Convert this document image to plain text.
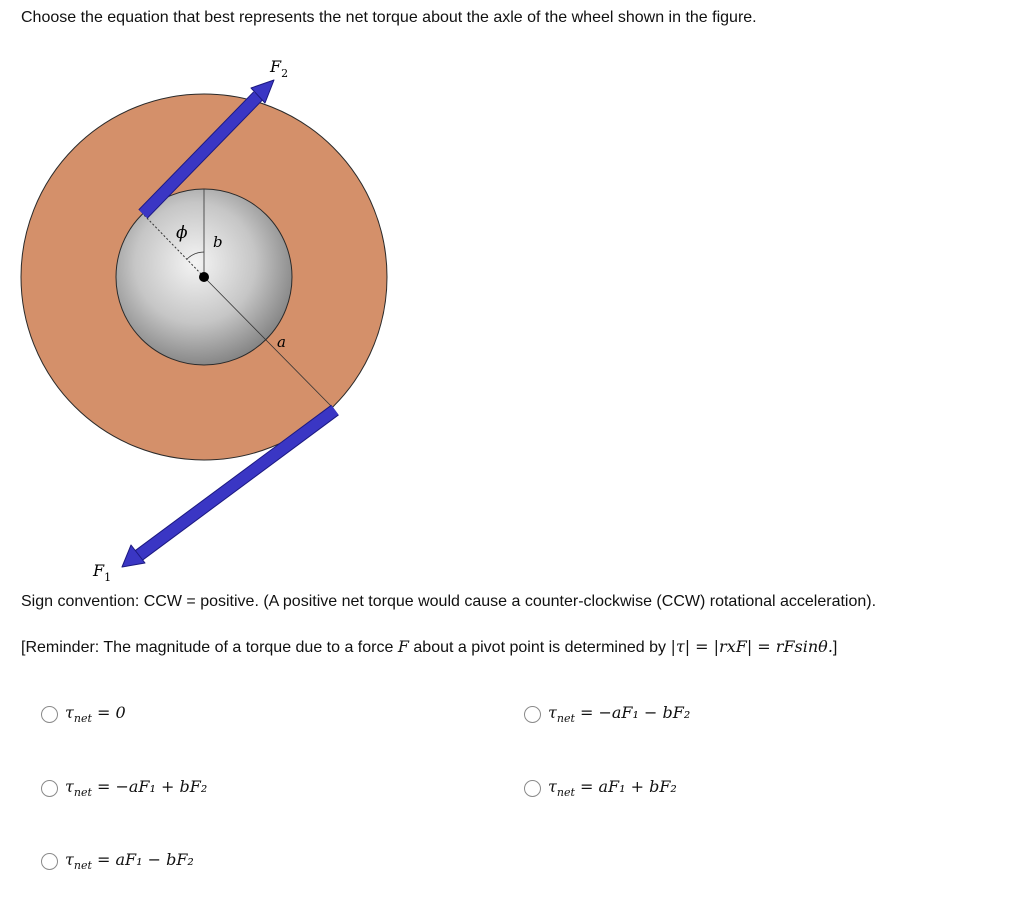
Choose the equation that best represents the net torque about the axle of the wheel shown in the figure.
$F_2$
$F_1$
ϕ b
a
Sign convention: CCW = positive. (A positive net torque would cause a counter-clockwise (CCW) rotational acceleration).
[Reminder: The magnitude of a torque due to a force F about a pivot point is determined by |τ| = |rxF| = rFsinθ.]
$\tau_{net} = 0$	$\tau_{net} = -aF_1 - bF_2$
$\tau_{net} = -aF_1 + bF_2$	$\tau_{net} = aF_1 + bF_2$
$\tau_{net} = aF_1 - bF_2$
